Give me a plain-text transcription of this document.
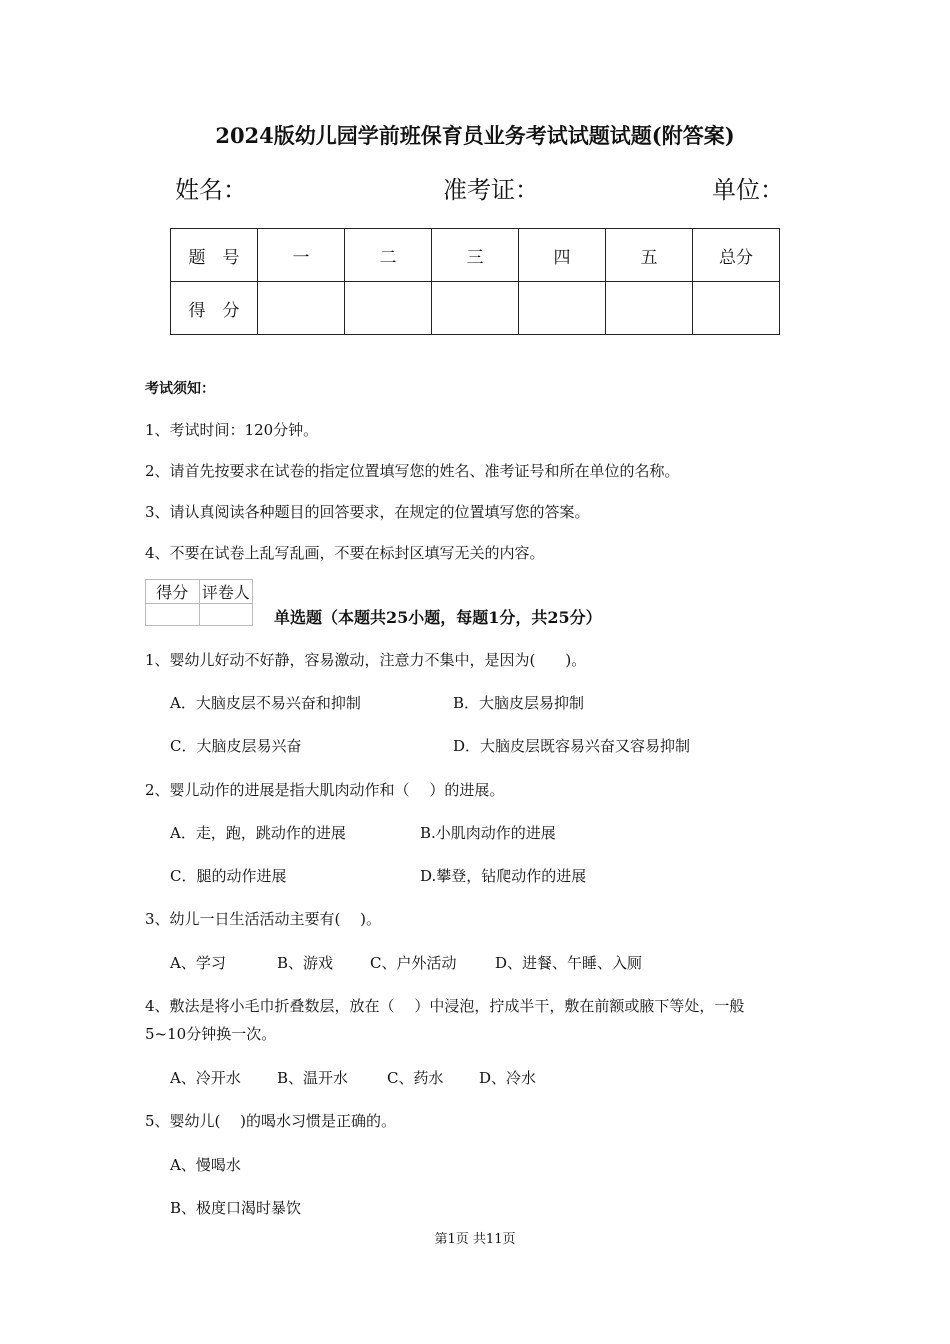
2024版幼儿园学前班保育员业务考试试题试题(附答案)
姓名：	准考证：	单位：
题　号	一	二	三	四	五	总分
得　分						
考试须知：
1、考试时间：120分钟。
2、请首先按要求在试卷的指定位置填写您的姓名、准考证号和所在单位的名称。
3、请认真阅读各种题目的回答要求，在规定的位置填写您的答案。
4、不要在试卷上乱写乱画，不要在标封区填写无关的内容。
得分	评卷人

单选题（本题共25小题，每题1分，共25分）
1、婴幼儿好动不好静，容易激动，注意力不集中，是因为(　　)。
A．大脑皮层不易兴奋和抑制	B．大脑皮层易抑制
C．大脑皮层易兴奋	D．大脑皮层既容易兴奋又容易抑制
2、婴儿动作的进展是指大肌肉动作和（　 ）的进展。
A．走，跑，跳动作的进展	B.小肌肉动作的进展
C．腿的动作进展	D.攀登，钻爬动作的进展
3、幼儿一日生活活动主要有(　 )。
A、学习	B、游戏 C、户外活动	D、进餐、午睡、入厕
4、敷法是将小毛巾折叠数层，放在（　 ）中浸泡，拧成半干，敷在前额或腋下等处，一般
5~10分钟换一次。
A、冷开水 B、温开水	C、药水 D、冷水
5、婴幼儿(　 )的喝水习惯是正确的。
A、慢喝水
B、极度口渴时暴饮
第1页 共11页
